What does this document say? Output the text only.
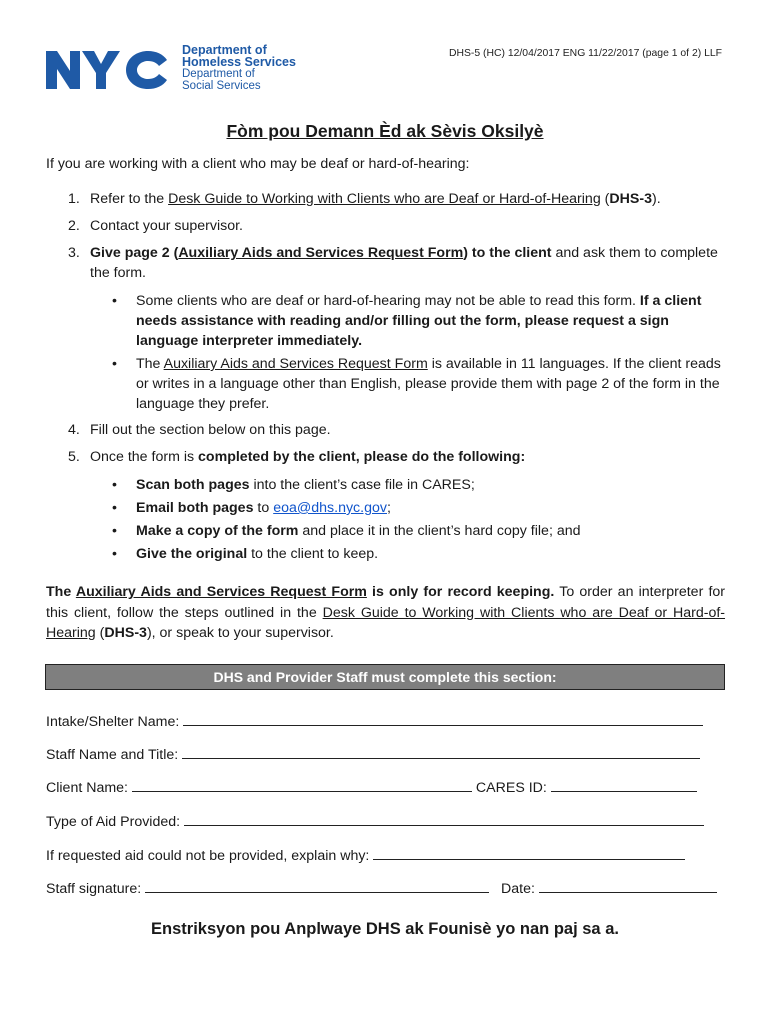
Department of
Homeless Services
Department of
Social Services
DHS-5 (HC) 12/04/2017 ENG 11/22/2017 (page 1 of 2) LLF
Fòm pou Demann Èd ak Sèvis Oksilyè
If you are working with a client who may be deaf or hard-of-hearing:
1. Refer to the Desk Guide to Working with Clients who are Deaf or Hard-of-Hearing (DHS-3).
2. Contact your supervisor.
3. Give page 2 (Auxiliary Aids and Services Request Form) to the client and ask them to complete the form.
• Some clients who are deaf or hard-of-hearing may not be able to read this form. If a client needs assistance with reading and/or filling out the form, please request a sign language interpreter immediately.
• The Auxiliary Aids and Services Request Form is available in 11 languages. If the client reads or writes in a language other than English, please provide them with page 2 of the form in the language they prefer.
4. Fill out the section below on this page.
5. Once the form is completed by the client, please do the following:
• Scan both pages into the client’s case file in CARES;
• Email both pages to eoa@dhs.nyc.gov;
• Make a copy of the form and place it in the client’s hard copy file; and
• Give the original to the client to keep.
The Auxiliary Aids and Services Request Form is only for record keeping. To order an interpreter for this client, follow the steps outlined in the Desk Guide to Working with Clients who are Deaf or Hard-of-Hearing (DHS-3), or speak to your supervisor.
DHS and Provider Staff must complete this section:
Intake/Shelter Name:
Staff Name and Title:
Client Name:	CARES ID:
Type of Aid Provided:
If requested aid could not be provided, explain why:
Staff signature:	Date:
Enstriksyon pou Anplwaye DHS ak Founisè yo nan paj sa a.
